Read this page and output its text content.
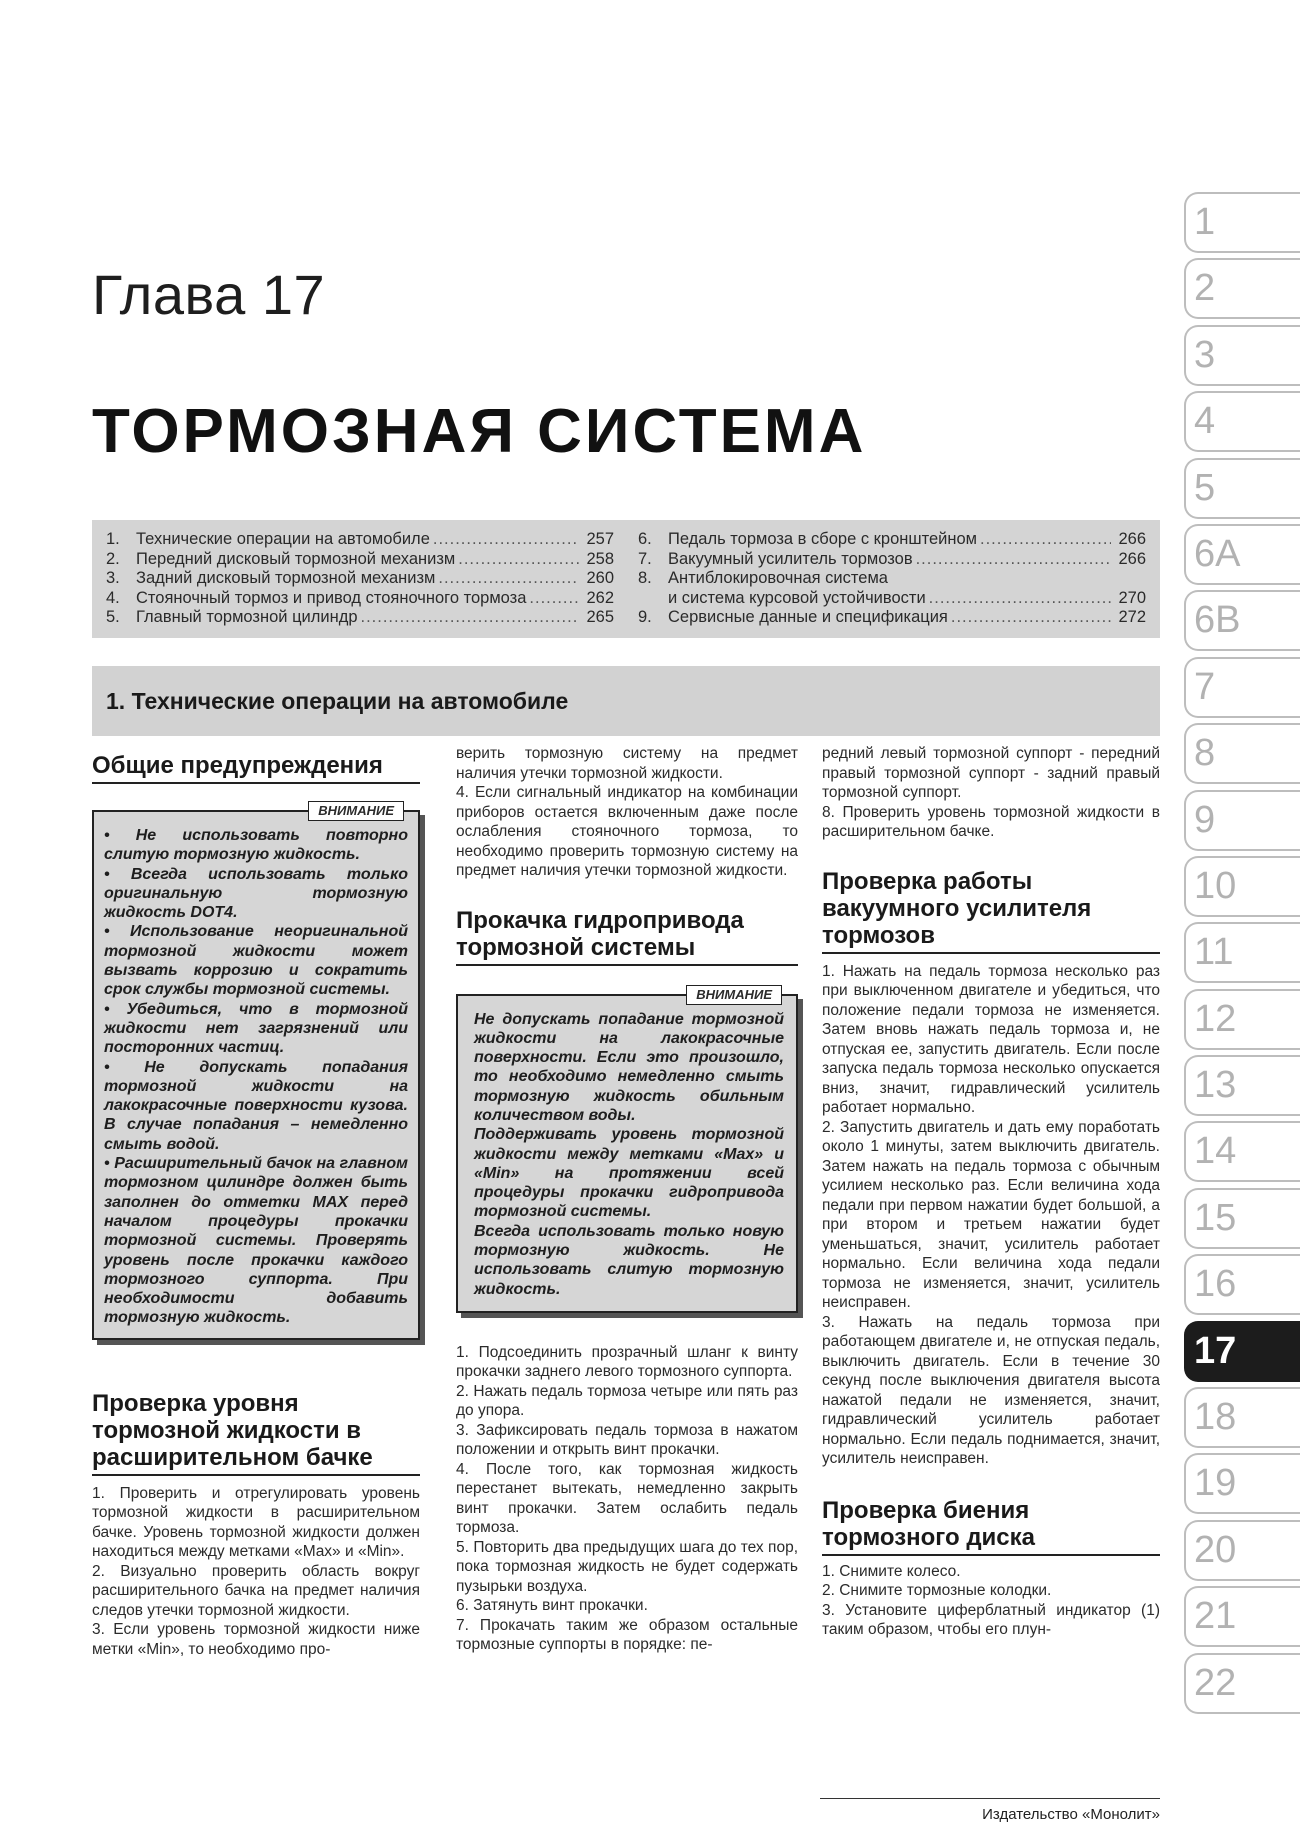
Глава 17
ТОРМОЗНАЯ СИСТЕМА
1. Технические операции на автомобиле .....	257
2. Передний дисковый тормозной механизм .....	258
3. Задний дисковый тормозной механизм .....	260
4. Стояночный тормоз и привод стояночного тормоза .....	262
5. Главный тормозной цилиндр .....	265
6. Педаль тормоза в сборе с кронштейном .....	266
7. Вакуумный усилитель тормозов .....	266
8. Антиблокировочная система
и система курсовой устойчивости .....	270
9. Сервисные данные и спецификация .....	272
1. Технические операции на автомобиле
Общие предупреждения
ВНИМАНИЕ

• Не использовать повторно слитую тормозную жидкость.

• Всегда использовать только оригинальную тормозную жидкость DOT4.

• Использование неоригинальной тормозной жидкости может вызвать коррозию и сократить срок службы тормозной системы.

• Убедиться, что в тормозной жидкости нет загрязнений или посторонних частиц.

• Не допускать попадания тормозной жидкости на лакокрасочные поверхности кузова. В случае попадания – немедленно смыть водой.

• Расширительный бачок на главном тормозном цилиндре должен быть заполнен до отметки MAX перед началом процедуры прокачки тормозной системы. Проверять уровень после прокачки каждого тормозного суппорта. При необходимости добавить тормозную жидкость.

Проверка уровня тормозной жидкости в расширительном бачке

1. Проверить и отрегулировать уровень тормозной жидкости в расширительном бачке. Уровень тормозной жидкости должен находиться между метками «Max» и «Min».

2. Визуально проверить область вокруг расширительного бачка на предмет наличия следов утечки тормозной жидкости.

3. Если уровень тормозной жидкости ниже метки «Min», то необходимо про-

верить тормозную систему на предмет наличия утечки тормозной жидкости.

4. Если сигнальный индикатор на комбинации приборов остается включенным даже после ослабления стояночного тормоза, то необходимо проверить тормозную систему на предмет наличия утечки тормозной жидкости.

Прокачка гидропривода тормозной системы
ВНИМАНИЕ

Не допускать попадание тормозной жидкости на лакокрасочные поверхности. Если это произошло, то необходимо немедленно смыть тормозную жидкость обильным количеством воды.

Поддерживать уровень тормозной жидкости между метками «Max» и «Min» на протяжении всей процедуры прокачки гидропривода тормозной системы.

Всегда использовать только новую тормозную жидкость. Не использовать слитую тормозную жидкость.

1. Подсоединить прозрачный шланг к винту прокачки заднего левого тормозного суппорта.

2. Нажать педаль тормоза четыре или пять раз до упора.

3. Зафиксировать педаль тормоза в нажатом положении и открыть винт прокачки.

4. После того, как тормозная жидкость перестанет вытекать, немедленно закрыть винт прокачки. Затем ослабить педаль тормоза.

5. Повторить два предыдущих шага до тех пор, пока тормозная жидкость не будет содержать пузырьки воздуха.

6. Затянуть винт прокачки.

7. Прокачать таким же образом остальные тормозные суппорты в порядке: пе-

редний левый тормозной суппорт - передний правый тормозной суппорт - задний правый тормозной суппорт.

8. Проверить уровень тормозной жидкости в расширительном бачке.

Проверка работы вакуумного усилителя тормозов

1. Нажать на педаль тормоза несколько раз при выключенном двигателе и убедиться, что положение педали тормоза не изменяется. Затем вновь нажать педаль тормоза и, не отпуская ее, запустить двигатель. Если после запуска педаль тормоза несколько опускается вниз, значит, гидравлический усилитель работает нормально.

2. Запустить двигатель и дать ему поработать около 1 минуты, затем выключить двигатель. Затем нажать на педаль тормоза с обычным усилием несколько раз. Если величина хода педали при первом нажатии будет большой, а при втором и третьем нажатии будет уменьшаться, значит, усилитель работает нормально. Если величина хода педали тормоза не изменяется, значит, усилитель неисправен.

3. Нажать на педаль тормоза при работающем двигателе и, не отпуская педаль, выключить двигатель. Если в течение 30 секунд после выключения двигателя высота нажатой педали не изменяется, значит, гидравлический усилитель работает нормально. Если педаль поднимается, значит, усилитель неисправен.

Проверка биения тормозного диска

1. Снимите колесо.

2. Снимите тормозные колодки.

3. Установите циферблатный индикатор (1) таким образом, чтобы его плун-

1
2
3
4
5
6A
6B
7
8
9
10
11
12
13
14
15
16
17
18
19
20
21
22
Издательство «Монолит»
